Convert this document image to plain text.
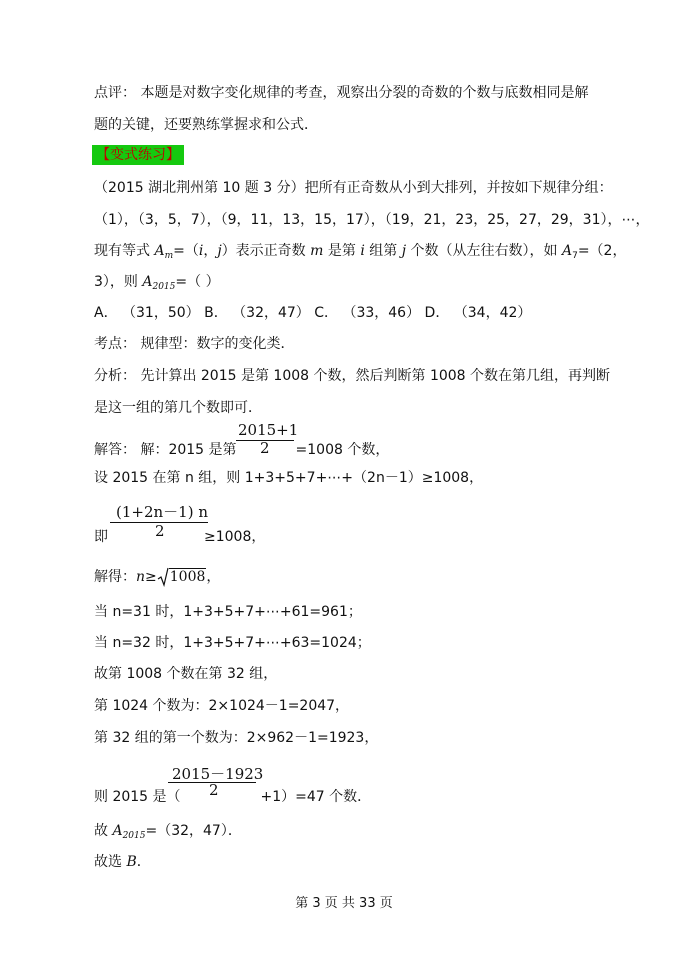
点评： 本题是对数字变化规律的考查，观察出分裂的奇数的个数与底数相同是解
题的关键，还要熟练掌握求和公式．
【变式练习】
（2015 湖北荆州第 10 题 3 分）把所有正奇数从小到大排列，并按如下规律分组：
（1），（3，5，7），（9，11，13，15，17），（19，21，23，25，27，29，31），⋯，
现有等式 $A_m=(i$，j）表示正奇数 m 是第 i 组第 j 个数（从左往右数），如 $A_7=(2$，
3），则 $A_{2015}=$（ ）
A． （31，50） B． （32，47） C． （33，46） D． （34，42）
考点： 规律型：数字的变化类．
分析： 先计算出 2015 是第 1008 个数，然后判断第 1008 个数在第几组，再判断
是这一组的第几个数即可．
2015+1
2
解答： 解：2015 是第	=1008 个数，
设 2015 在第 n 组，则 1+3+5+7+⋯+（2n－1）≥1008，
(1+2n－1) n
2
即	≥1008，
解得：n≥ 1008，
当 n=31 时，1+3+5+7+⋯+61=961；
当 n=32 时，1+3+5+7+⋯+63=1024；
故第 1008 个数在第 32 组，
第 1024 个数为：2×1024－1=2047，
第 32 组的第一个数为：2×962－1=1923，
2015－1923
2
则 2015 是（	+1）=47 个数．
故 $A_{2015}=(32$，47）．
故选 B．
第 3 页 共 33 页
